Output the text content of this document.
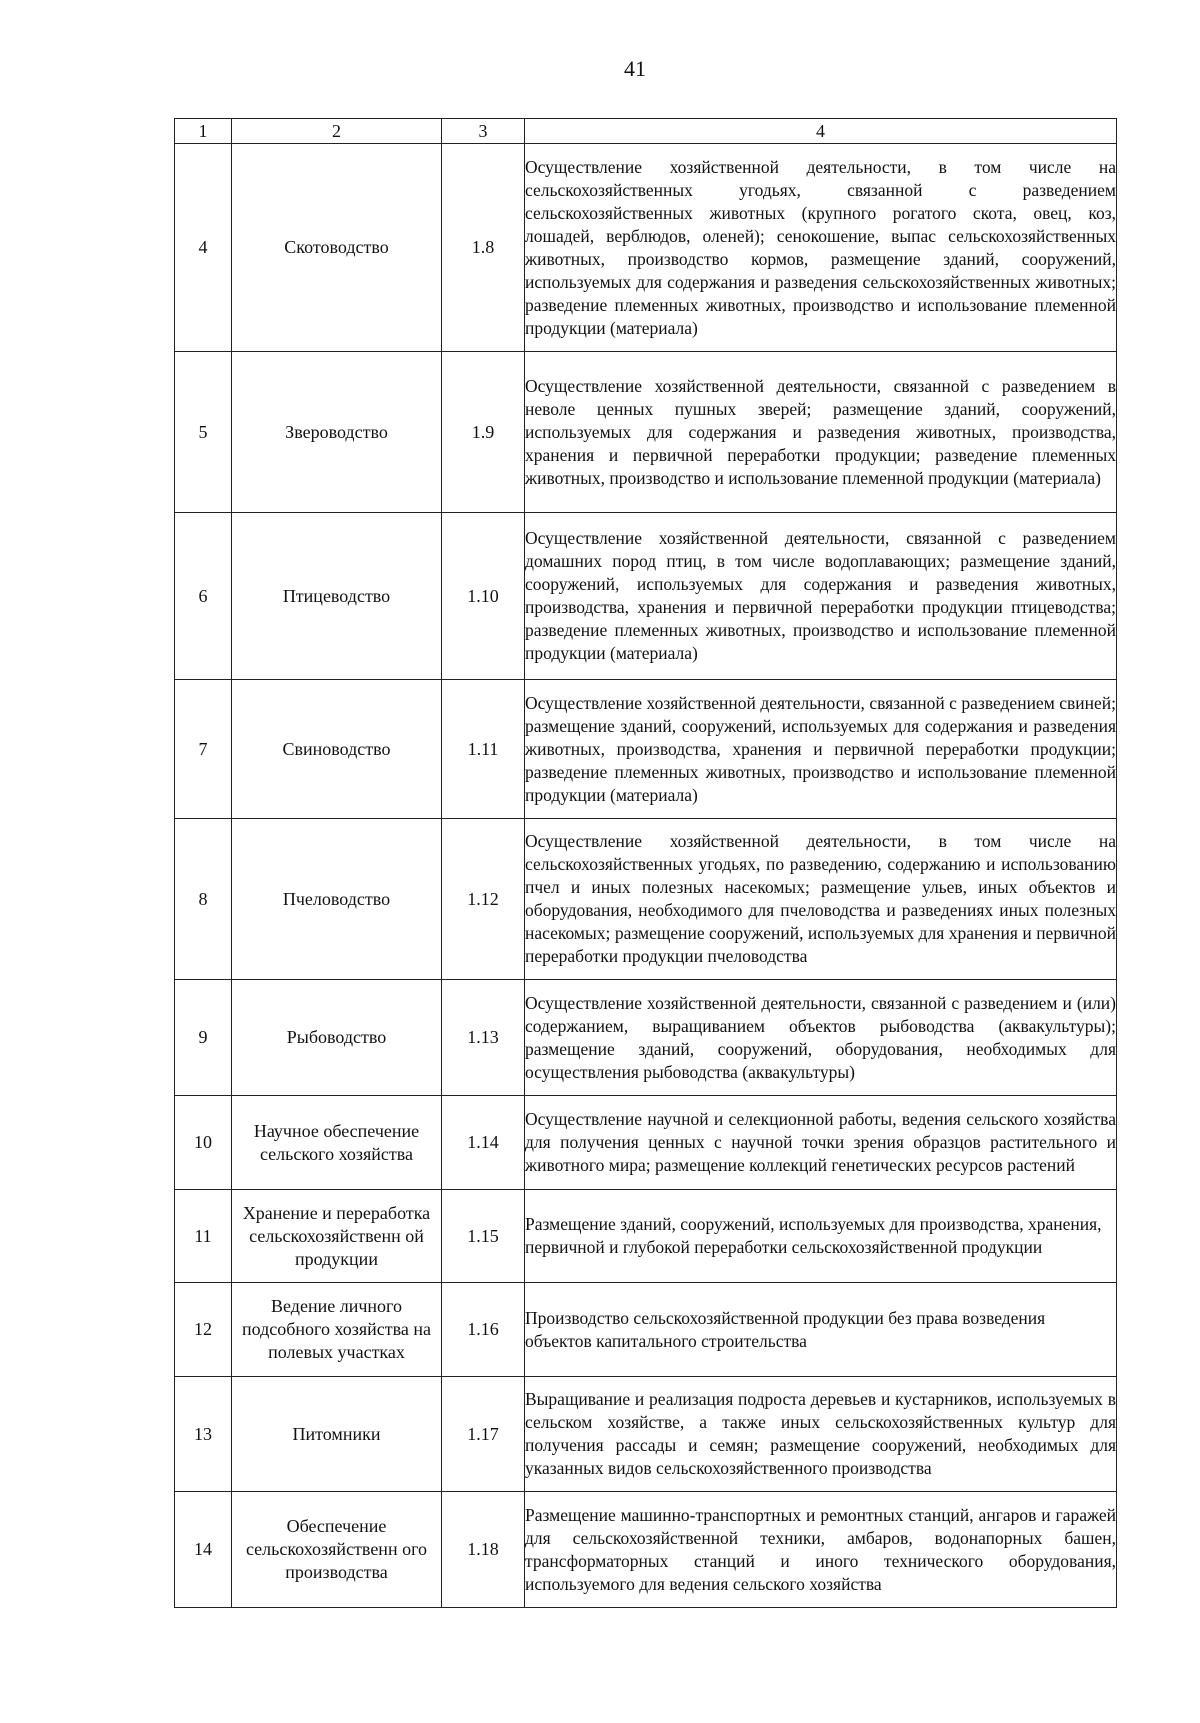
41
1	2	3	4
4	Скотоводство	1.8	Осуществление хозяйственной деятельности, в том числе на сельскохозяйственных угодьях, связанной с разведением сельскохозяйственных животных (крупного рогатого скота, овец, коз, лошадей, верблюдов, оленей); сенокошение, выпас сельскохозяйственных животных, производство кормов, размещение зданий, сооружений, используемых для содержания и разведения сельскохозяйственных животных; разведение племенных животных, производство и использование племенной продукции (материала)
5	Звероводство	1.9	Осуществление хозяйственной деятельности, связанной с разведением в неволе ценных пушных зверей; размещение зданий, сооружений, используемых для содержания и разведения животных, производства, хранения и первичной переработки продукции; разведение племенных животных, производство и использование племенной продукции (материала)
6	Птицеводство	1.10	Осуществление хозяйственной деятельности, связанной с разведением домашних пород птиц, в том числе водоплавающих; размещение зданий, сооружений, используемых для содержания и разведения животных, производства, хранения и первичной переработки продукции птицеводства; разведение племенных животных, производство и использование племенной продукции (материала)
7	Свиноводство	1.11	Осуществление хозяйственной деятельности, связанной с разведением свиней; размещение зданий, сооружений, используемых для содержания и разведения животных, производства, хранения и первичной переработки продукции; разведение племенных животных, производство и использование племенной продукции (материала)
8	Пчеловодство	1.12	Осуществление хозяйственной деятельности, в том числе на сельскохозяйственных угодьях, по разведению, содержанию и использованию пчел и иных полезных насекомых; размещение ульев, иных объектов и оборудования, необходимого для пчеловодства и разведениях иных полезных насекомых; размещение сооружений, используемых для хранения и первичной переработки продукции пчеловодства
9	Рыбоводство	1.13	Осуществление хозяйственной деятельности, связанной с разведением и (или) содержанием, выращиванием объектов рыбоводства (аквакультуры); размещение зданий, сооружений, оборудования, необходимых для осуществления рыбоводства (аквакультуры)
10	Научное обеспечение сельского хозяйства	1.14	Осуществление научной и селекционной работы, ведения сельского хозяйства для получения ценных с научной точки зрения образцов растительного и животного мира; размещение коллекций генетических ресурсов растений
11	Хранение и переработка сельскохозяйственн ой продукции	1.15	Размещение зданий, сооружений, используемых для производства, хранения, первичной и глубокой переработки сельскохозяйственной продукции
12	Ведение личного подсобного хозяйства на полевых участках	1.16	Производство сельскохозяйственной продукции без права возведения объектов капитального строительства
13	Питомники	1.17	Выращивание и реализация подроста деревьев и кустарников, используемых в сельском хозяйстве, а также иных сельскохозяйственных культур для получения рассады и семян; размещение сооружений, необходимых для указанных видов сельскохозяйственного производства
14	Обеспечение сельскохозяйственн ого производства	1.18	Размещение машинно-транспортных и ремонтных станций, ангаров и гаражей для сельскохозяйственной техники, амбаров, водонапорных башен, трансформаторных станций и иного технического оборудования, используемого для ведения сельского хозяйства
